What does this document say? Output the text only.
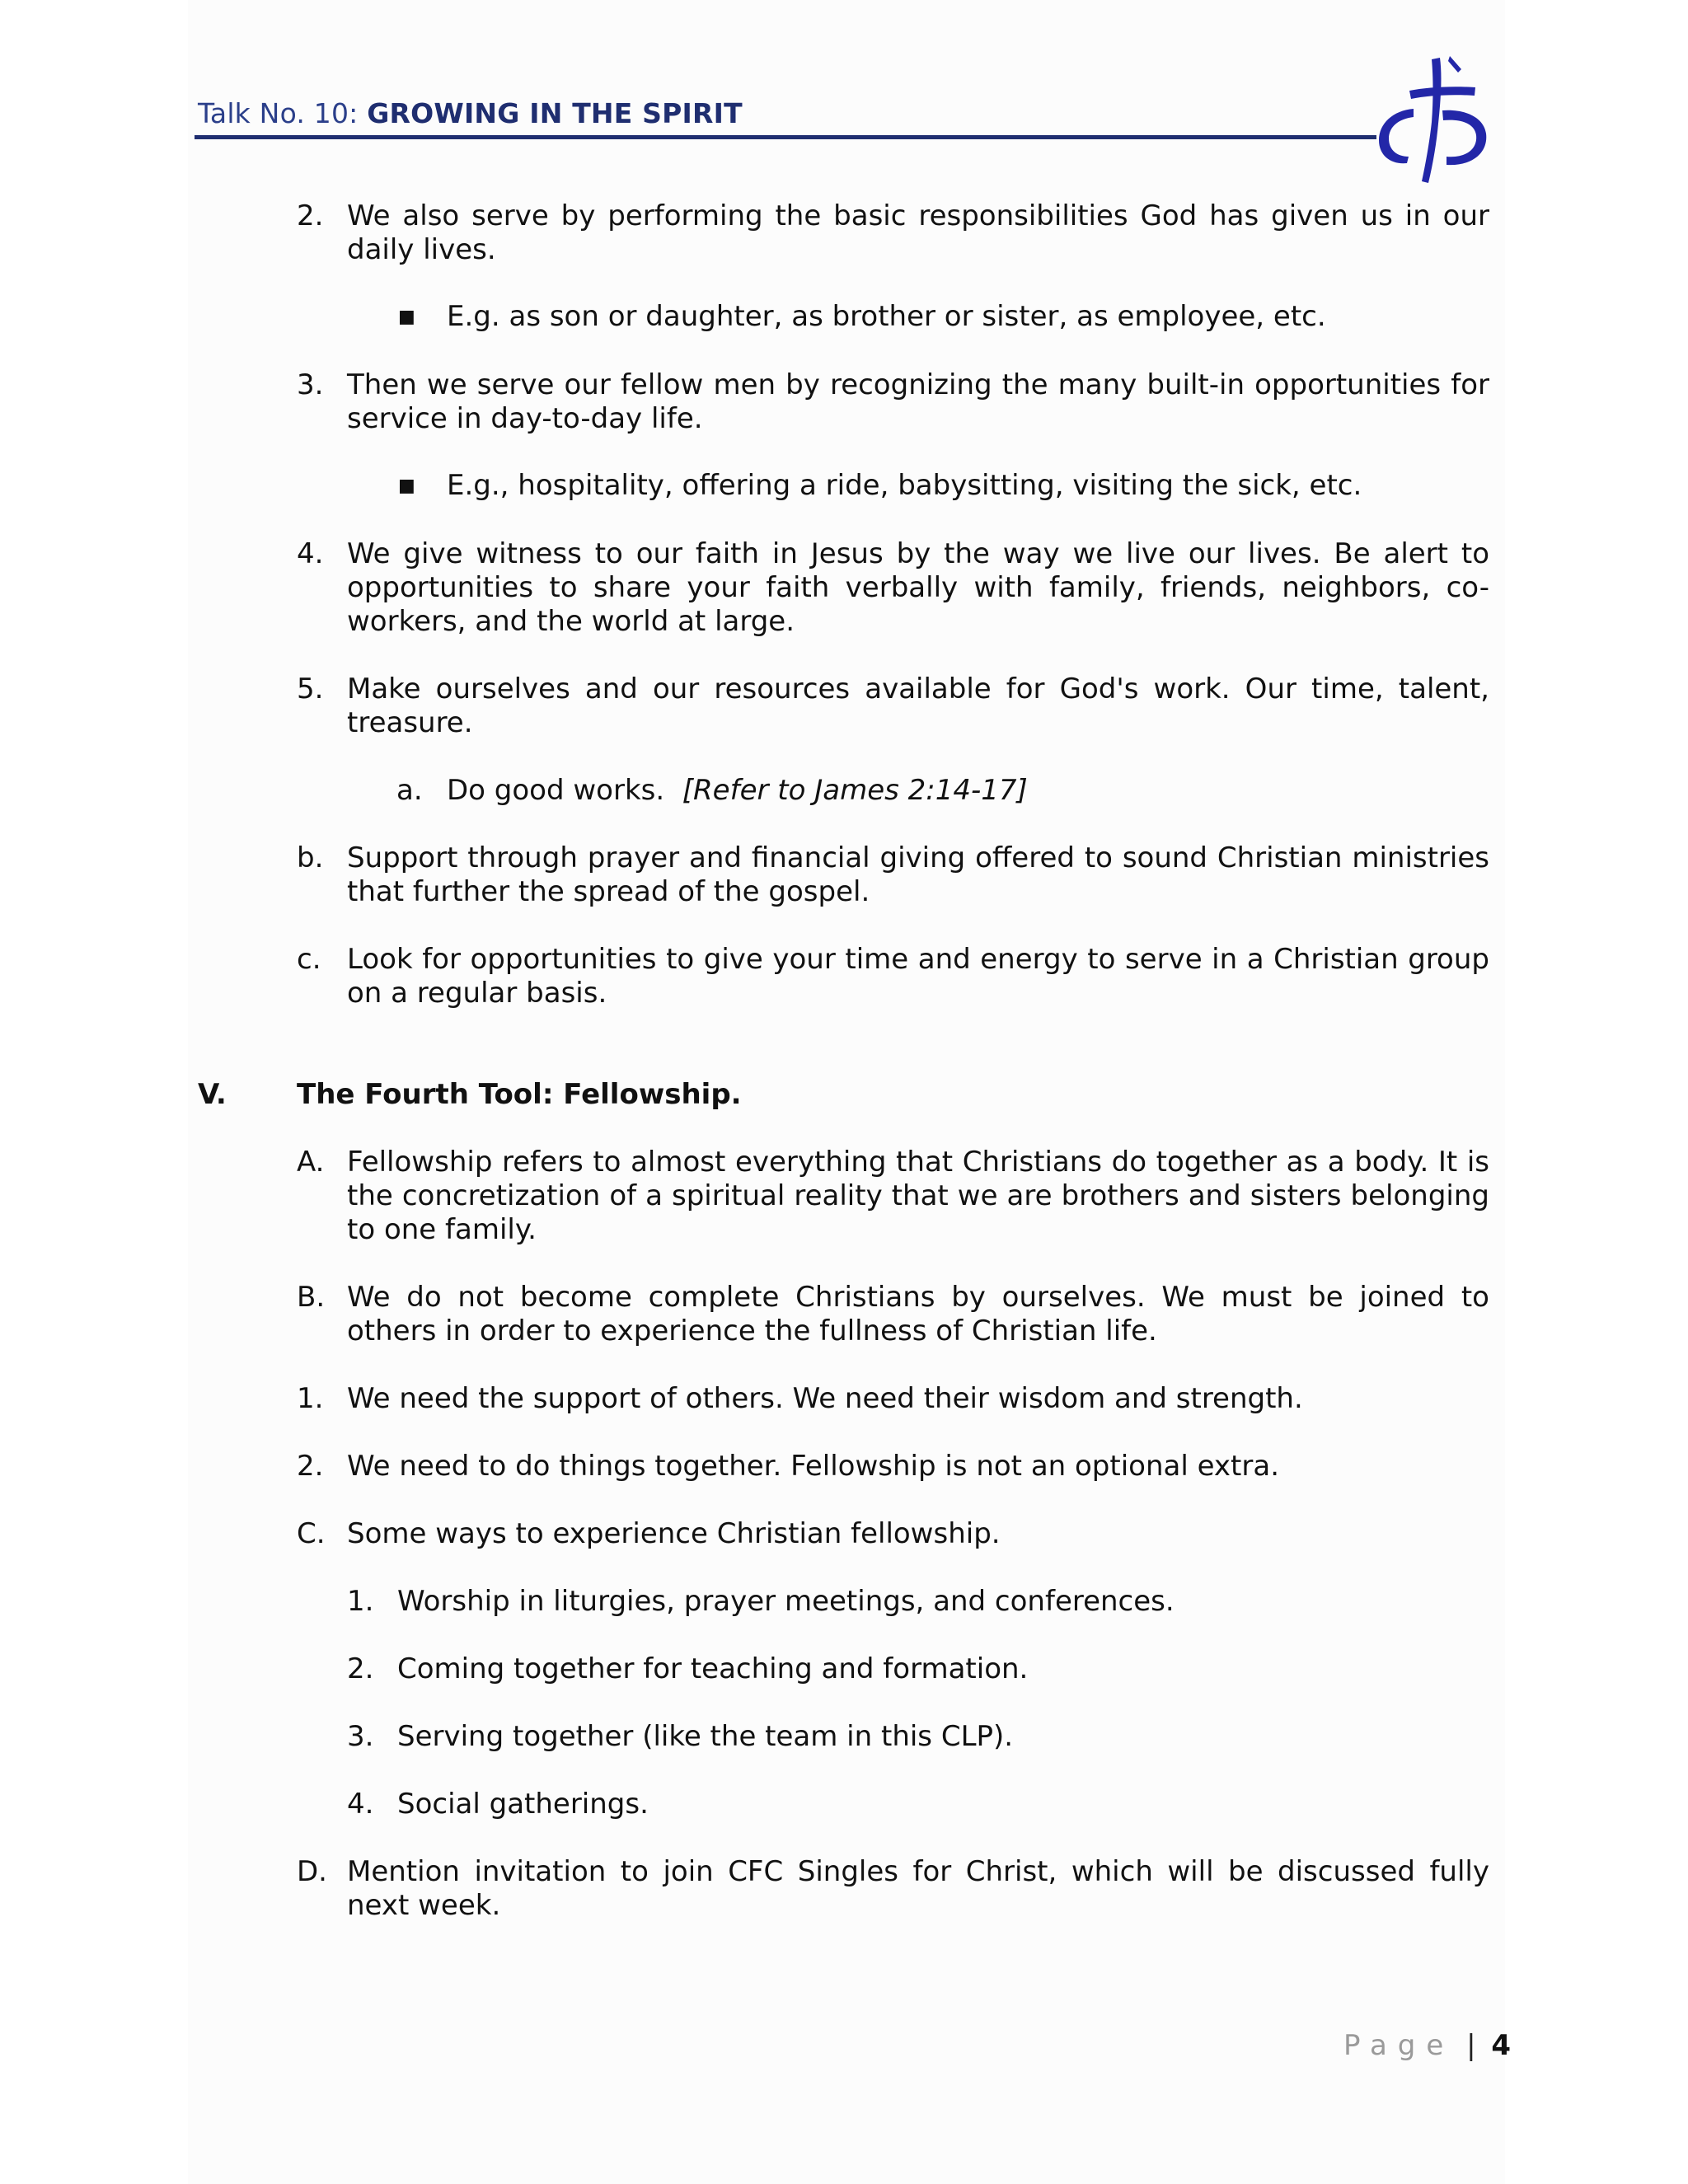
Talk No. 10: GROWING IN THE SPIRIT
2. We also serve by performing the basic responsibilities God has given us in our daily lives.
■ E.g. as son or daughter, as brother or sister, as employee, etc.
3. Then we serve our fellow men by recognizing the many built-in opportunities for service in day-to-day life.
■ E.g., hospitality, offering a ride, babysitting, visiting the sick, etc.
4. We give witness to our faith in Jesus by the way we live our lives. Be alert to opportunities to share your faith verbally with family, friends, neighbors, co-workers, and the world at large.
5. Make ourselves and our resources available for God's work. Our time, talent, treasure.
a. Do good works. [Refer to James 2:14-17]
b. Support through prayer and financial giving offered to sound Christian ministries that further the spread of the gospel.
c. Look for opportunities to give your time and energy to serve in a Christian group on a regular basis.
V.	The Fourth Tool: Fellowship.
A. Fellowship refers to almost everything that Christians do together as a body. It is the concretization of a spiritual reality that we are brothers and sisters belonging to one family.
B. We do not become complete Christians by ourselves. We must be joined to others in order to experience the fullness of Christian life.
1. We need the support of others. We need their wisdom and strength.
2. We need to do things together. Fellowship is not an optional extra.
C. Some ways to experience Christian fellowship.
1. Worship in liturgies, prayer meetings, and conferences.
2. Coming together for teaching and formation.
3. Serving together (like the team in this CLP).
4. Social gatherings.
D. Mention invitation to join CFC Singles for Christ, which will be discussed fully next week.
Page | 4
